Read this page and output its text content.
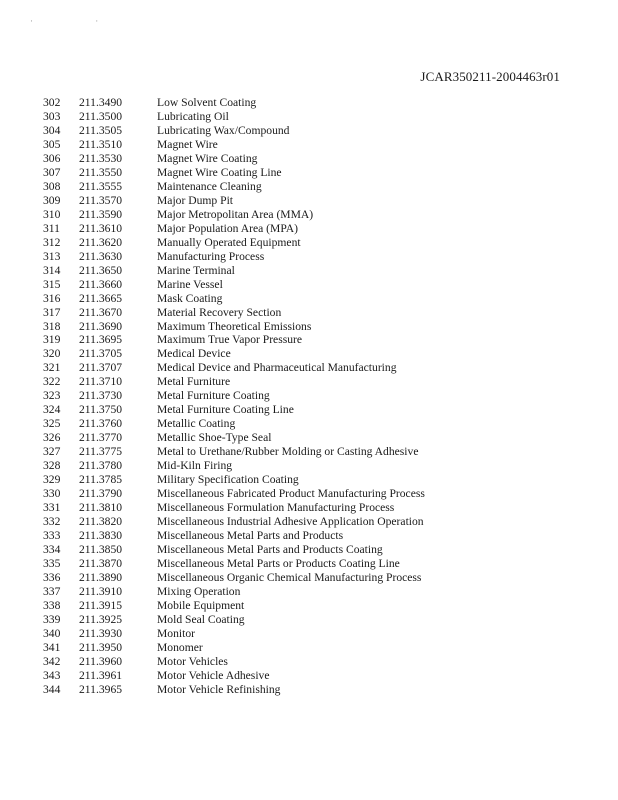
· ·
JCAR350211-2004463r01
302	211.3490	Low Solvent Coating
303	211.3500	Lubricating Oil
304	211.3505	Lubricating Wax/Compound
305	211.3510	Magnet Wire
306	211.3530	Magnet Wire Coating
307	211.3550	Magnet Wire Coating Line
308	211.3555	Maintenance Cleaning
309	211.3570	Major Dump Pit
310	211.3590	Major Metropolitan Area (MMA)
311	211.3610	Major Population Area (MPA)
312	211.3620	Manually Operated Equipment
313	211.3630	Manufacturing Process
314	211.3650	Marine Terminal
315	211.3660	Marine Vessel
316	211.3665	Mask Coating
317	211.3670	Material Recovery Section
318	211.3690	Maximum Theoretical Emissions
319	211.3695	Maximum True Vapor Pressure
320	211.3705	Medical Device
321	211.3707	Medical Device and Pharmaceutical Manufacturing
322	211.3710	Metal Furniture
323	211.3730	Metal Furniture Coating
324	211.3750	Metal Furniture Coating Line
325	211.3760	Metallic Coating
326	211.3770	Metallic Shoe-Type Seal
327	211.3775	Metal to Urethane/Rubber Molding or Casting Adhesive
328	211.3780	Mid-Kiln Firing
329	211.3785	Military Specification Coating
330	211.3790	Miscellaneous Fabricated Product Manufacturing Process
331	211.3810	Miscellaneous Formulation Manufacturing Process
332	211.3820	Miscellaneous Industrial Adhesive Application Operation
333	211.3830	Miscellaneous Metal Parts and Products
334	211.3850	Miscellaneous Metal Parts and Products Coating
335	211.3870	Miscellaneous Metal Parts or Products Coating Line
336	211.3890	Miscellaneous Organic Chemical Manufacturing Process
337	211.3910	Mixing Operation
338	211.3915	Mobile Equipment
339	211.3925	Mold Seal Coating
340	211.3930	Monitor
341	211.3950	Monomer
342	211.3960	Motor Vehicles
343	211.3961	Motor Vehicle Adhesive
344	211.3965	Motor Vehicle Refinishing
